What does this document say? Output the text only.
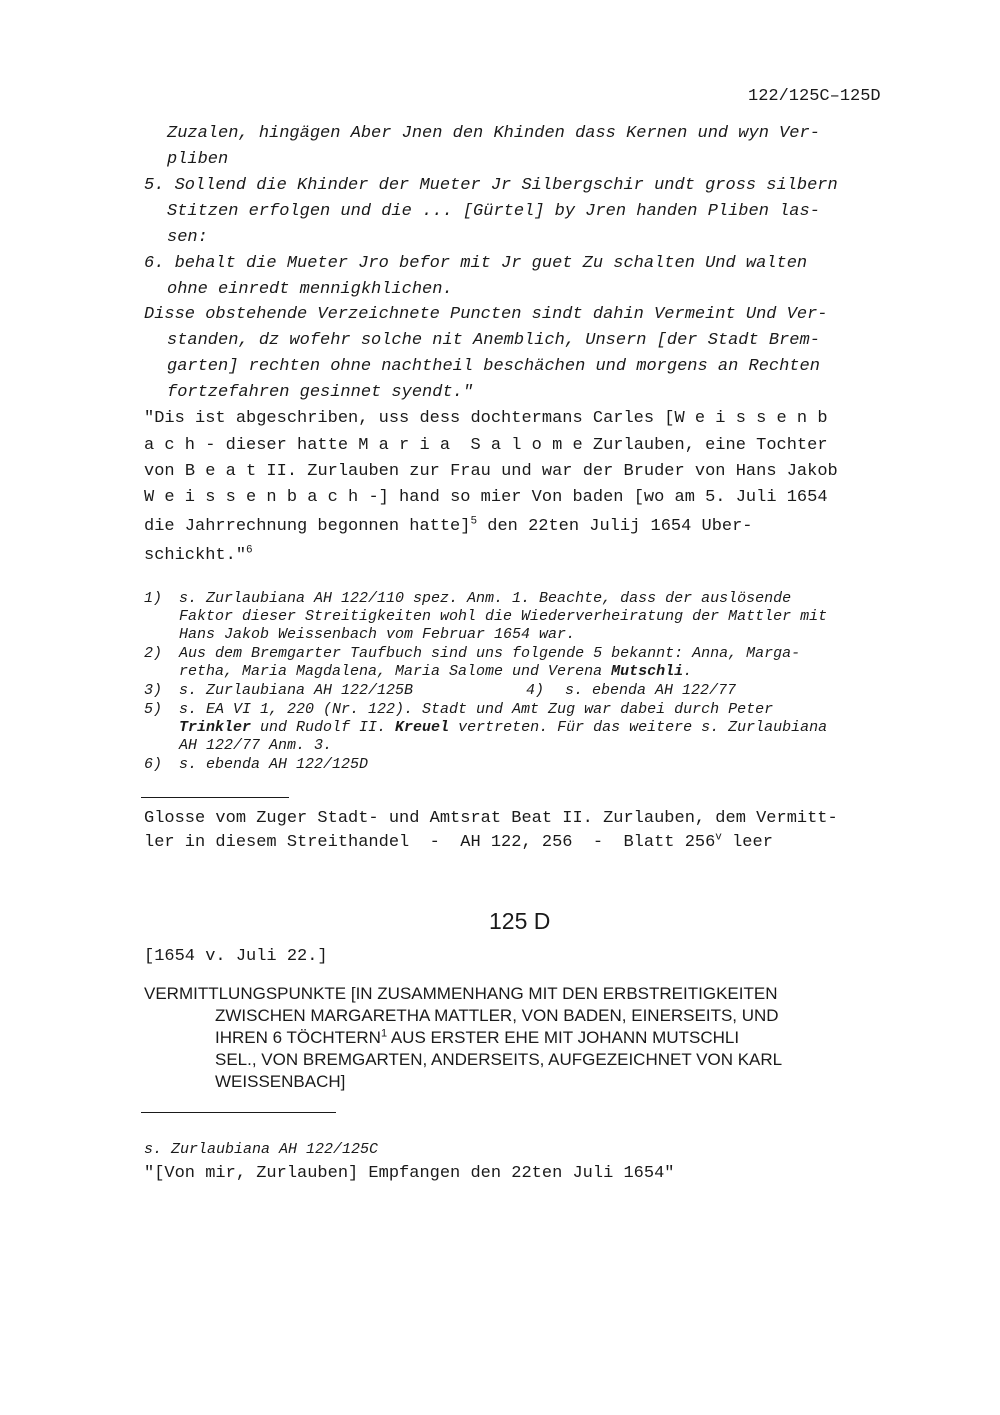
122/125C–125D
Zuzalen, hingägen Aber Jnen den Khinden dass Kernen und wyn Ver-
pliben
5. Sollend die Khinder der Mueter Jr Silbergschir undt gross silbern
Stitzen erfolgen und die ... [Gürtel] by Jren handen Pliben las-
sen:
6. behalt die Mueter Jro befor mit Jr guet Zu schalten Und walten
ohne einredt mennigkhlichen.
Disse obstehende Verzeichnete Puncten sindt dahin Vermeint Und Ver-
standen, dz wofehr solche nit Anemblich, Unsern [der Stadt Brem-
garten] rechten ohne nachtheil beschächen und morgens an Rechten
fortzefahren gesinnet syendt."
"Dis ist abgeschriben, uss dess dochtermans Carles [W e i s s e n b
a c h - dieser hatte M a r i a  S a l o m e Zurlauben, eine Tochter
von B e a t II. Zurlauben zur Frau und war der Bruder von Hans Jakob
W e i s s e n b a c h -] hand so mier Von baden [wo am 5. Juli 1654
die Jahrrechnung begonnen hatte]$^5$ den 22ten Julij 1654 Uber-
schickht."$^6$
1) s. Zurlaubiana AH 122/110 spez. Anm. 1. Beachte, dass der auslösende
Faktor dieser Streitigkeiten wohl die Wiederverheiratung der Mattler mit
Hans Jakob Weissenbach vom Februar 1654 war.
2) Aus dem Bremgarter Taufbuch sind uns folgende 5 bekannt: Anna, Marga-
retha, Maria Magdalena, Maria Salome und Verena Mutschli.
3) s. Zurlaubiana AH 122/125B	4) s. ebenda AH 122/77
5) s. EA VI 1, 220 (Nr. 122). Stadt und Amt Zug war dabei durch Peter
Trinkler und Rudolf II. Kreuel vertreten. Für das weitere s. Zurlaubiana
AH 122/77 Anm. 3.
6) s. ebenda AH 122/125D
Glosse vom Zuger Stadt- und Amtsrat Beat II. Zurlauben, dem Vermitt-
ler in diesem Streithandel  -  AH 122, 256  -  Blatt 256$^v$ leer
125 D
[1654 v. Juli 22.]
VERMITTLUNGSPUNKTE [IN ZUSAMMENHANG MIT DEN ERBSTREITIGKEITEN
ZWISCHEN MARGARETHA MATTLER, VON BADEN, EINERSEITS, UND
IHREN 6 TÖCHTERN$^1$ AUS ERSTER EHE MIT JOHANN MUTSCHLI
SEL., VON BREMGARTEN, ANDERSEITS, AUFGEZEICHNET VON KARL
WEISSENBACH]
s. Zurlaubiana AH 122/125C
"[Von mir, Zurlauben] Empfangen den 22ten Juli 1654"
